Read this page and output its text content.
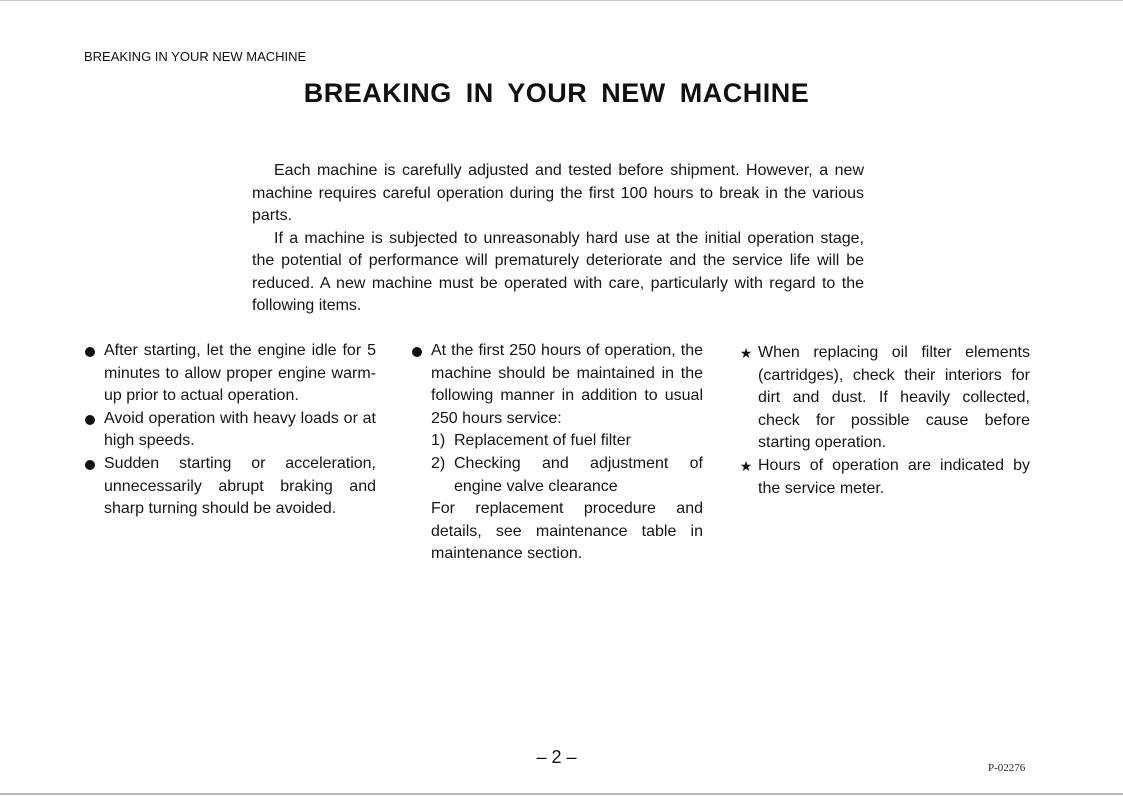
BREAKING IN YOUR NEW MACHINE
BREAKING IN YOUR NEW MACHINE

Each machine is carefully adjusted and tested before shipment. However, a new machine requires careful operation during the first 100 hours to break in the various parts.

If a machine is subjected to unreasonably hard use at the initial operation stage, the potential of performance will prematurely deteriorate and the service life will be reduced. A new machine must be operated with care, particularly with regard to the following items.

After starting, let the engine idle for 5 minutes to allow proper engine warm-up prior to actual operation.
Avoid operation with heavy loads or at high speeds.
Sudden starting or acceleration, unnecessarily abrupt braking and sharp turning should be avoided.
At the first 250 hours of operation, the machine should be maintained in the following manner in addition to usual 250 hours service:
1) Replacement of fuel filter
2) Checking and adjustment of engine valve clearance
For replacement procedure and details, see maintenance table in maintenance section.
★ When replacing oil filter elements (cartridges), check their interiors for dirt and dust. If heavily collected, check for possible cause before starting operation.
★ Hours of operation are indicated by the service meter.
– 2 –
P-02276
